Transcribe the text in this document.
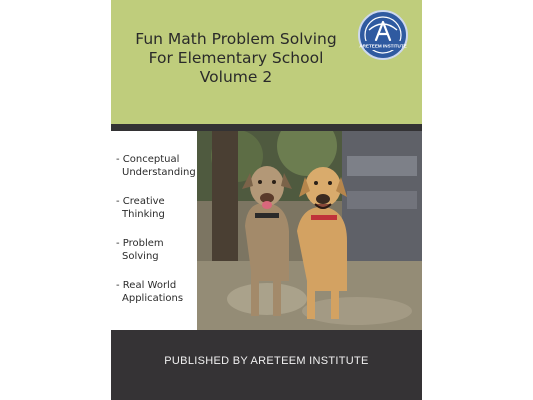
Fun Math Problem Solving
For Elementary School
Volume 2
ARETEEM INSTITUTE
- Conceptual
Understanding
- Creative
Thinking
- Problem
Solving
- Real World
Applications
PUBLISHED BY ARETEEM INSTITUTE
